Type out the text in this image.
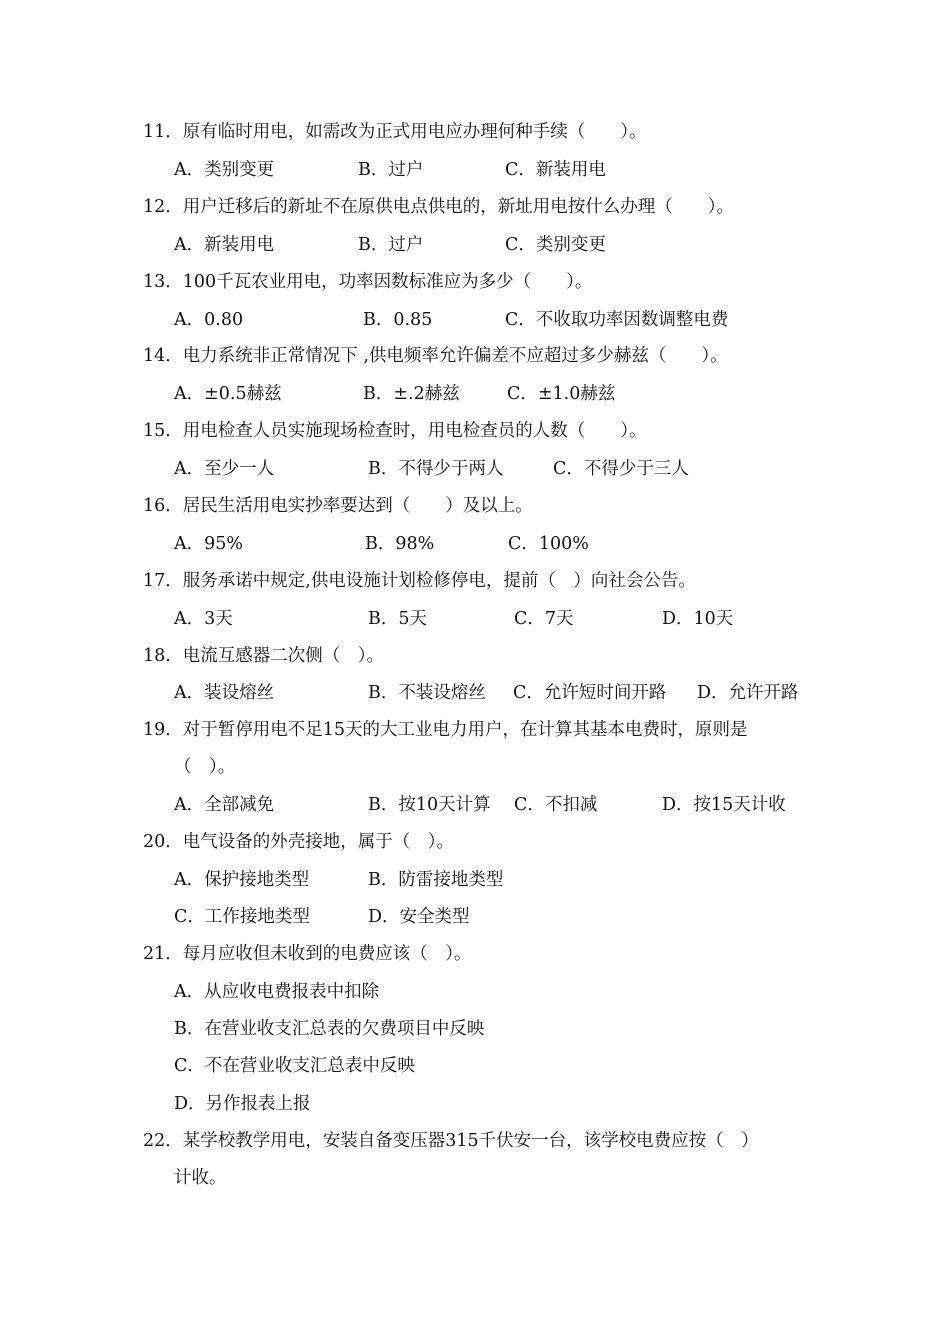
11．原有临时用电，如需改为正式用电应办理何种手续（　　）。
A．类别变更	B．过户	C．新装用电
12．用户迁移后的新址不在原供电点供电的，新址用电按什么办理（　　）。
A．新装用电	B．过户	C．类别变更
13．100千瓦农业用电，功率因数标准应为多少（　　）。
A．0.80	B．0.85	C．不收取功率因数调整电费
14．电力系统非正常情况下 ,供电频率允许偏差不应超过多少赫兹（　　）。
A．±0.5赫兹	B．±.2赫兹	C．±1.0赫兹
15．用电检查人员实施现场检查时，用电检查员的人数（　　）。
A．至少一人	B．不得少于两人	C．不得少于三人
16．居民生活用电实抄率要达到（　　）及以上。
A．95%	B．98%	C．100%
17．服务承诺中规定,供电设施计划检修停电，提前（　）向社会公告。
A．3天	B．5天	C．7天	D．10天
18．电流互感器二次侧（　）。
A．装设熔丝	B．不装设熔丝 C．允许短时间开路 D．允许开路
19．对于暂停用电不足15天的大工业电力用户，在计算其基本电费时，原则是
（　）。
A．全部减免	B．按10天计算 C．不扣减	D．按15天计收
20．电气设备的外壳接地，属于（　）。
A．保护接地类型	B．防雷接地类型
C．工作接地类型	D．安全类型
21．每月应收但未收到的电费应该（　）。
A．从应收电费报表中扣除
B．在营业收支汇总表的欠费项目中反映
C．不在营业收支汇总表中反映
D．另作报表上报
22．某学校教学用电，安装自备变压器315千伏安一台，该学校电费应按（　）
计收。
